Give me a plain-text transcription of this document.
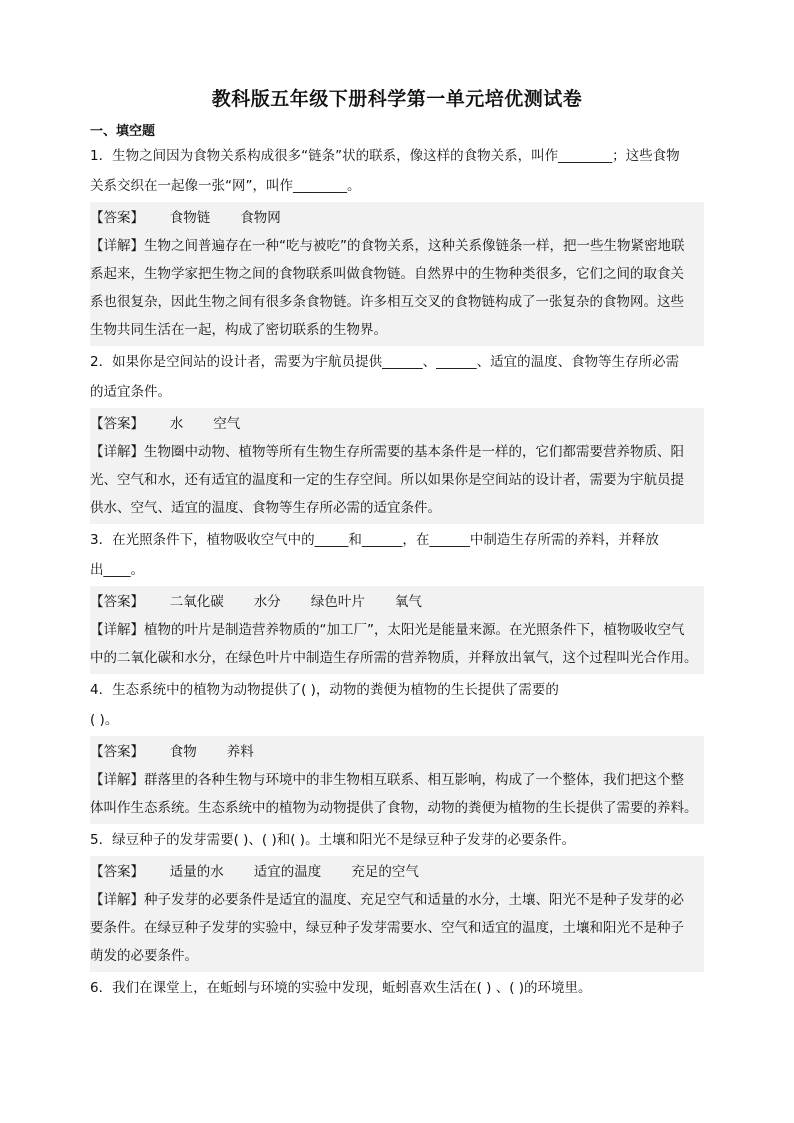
教科版五年级下册科学第一单元培优测试卷
一、填空题
1．生物之间因为食物关系构成很多“链条”状的联系，像这样的食物关系，叫作________；这些食物
关系交织在一起像一张“网”，叫作________。
【答案】      食物链       食物网
【详解】生物之间普遍存在一种“吃与被吃”的食物关系，这种关系像链条一样，把一些生物紧密地联
系起来，生物学家把生物之间的食物联系叫做食物链。自然界中的生物种类很多，它们之间的取食关
系也很复杂，因此生物之间有很多条食物链。许多相互交叉的食物链构成了一张复杂的食物网。这些
生物共同生活在一起，构成了密切联系的生物界。
2．如果你是空间站的设计者，需要为宇航员提供______、______、适宜的温度、食物等生存所必需
的适宜条件。
【答案】      水       空气
【详解】生物圈中动物、植物等所有生物生存所需要的基本条件是一样的，它们都需要营养物质、阳
光、空气和水，还有适宜的温度和一定的生存空间。所以如果你是空间站的设计者，需要为宇航员提
供水、空气、适宜的温度、食物等生存所必需的适宜条件。
3．在光照条件下，植物吸收空气中的_____和______，在______中制造生存所需的养料，并释放
出____。
【答案】      二氧化碳       水分       绿色叶片       氧气
【详解】植物的叶片是制造营养物质的“加工厂”，太阳光是能量来源。在光照条件下，植物吸收空气
中的二氧化碳和水分，在绿色叶片中制造生存所需的营养物质，并释放出氧气，这个过程叫光合作用。
4．生态系统中的植物为动物提供了( )，动物的粪便为植物的生长提供了需要的
( )。
【答案】      食物       养料
【详解】群落里的各种生物与环境中的非生物相互联系、相互影响，构成了一个整体，我们把这个整
体叫作生态系统。生态系统中的植物为动物提供了食物，动物的粪便为植物的生长提供了需要的养料。
5．绿豆种子的发芽需要( )、( )和( )。土壤和阳光不是绿豆种子发芽的必要条件。
【答案】      适量的水       适宜的温度       充足的空气
【详解】种子发芽的必要条件是适宜的温度、充足空气和适量的水分，土壤、阳光不是种子发芽的必
要条件。在绿豆种子发芽的实验中，绿豆种子发芽需要水、空气和适宜的温度，土壤和阳光不是种子
萌发的必要条件。
6．我们在课堂上，在蚯蚓与环境的实验中发现，蚯蚓喜欢生活在( ) 、( )的环境里。
